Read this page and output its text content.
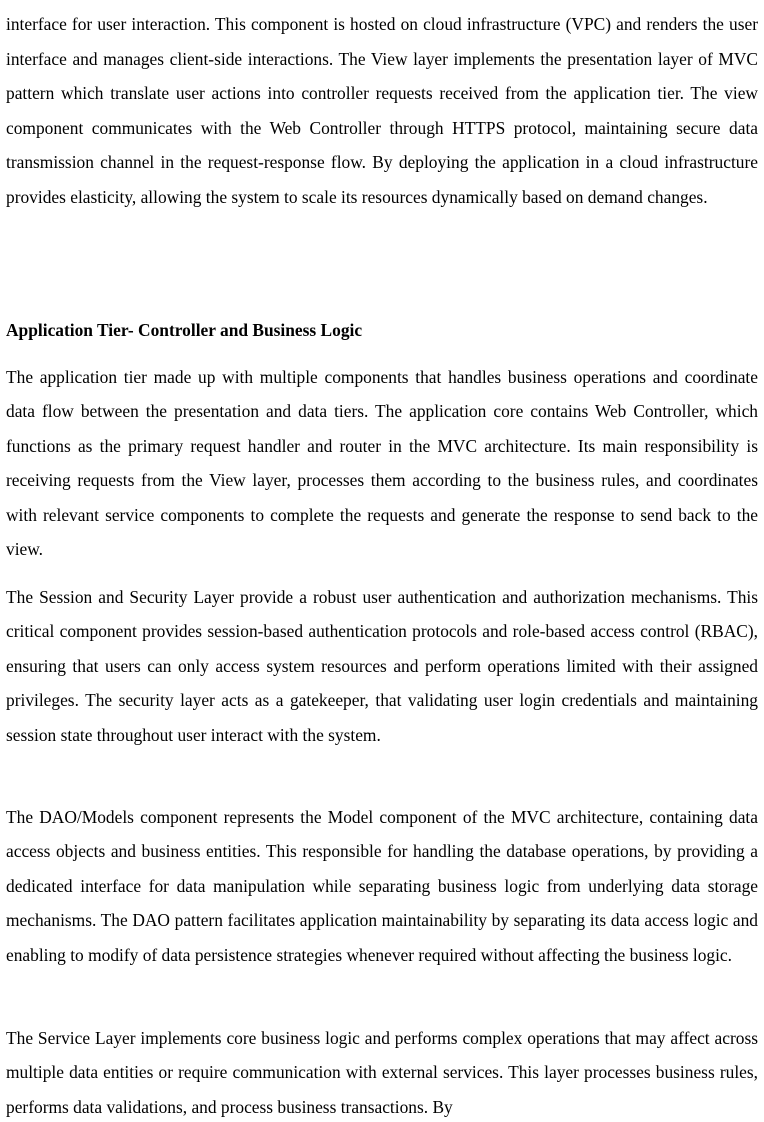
interface for user interaction. This component is hosted on cloud infrastructure (VPC) and renders the user interface and manages client-side interactions. The View layer implements the presentation layer of MVC pattern which translate user actions into controller requests received from the application tier. The view component communicates with the Web Controller through HTTPS protocol, maintaining secure data transmission channel in the request-response flow. By deploying the application in a cloud infrastructure provides elasticity, allowing the system to scale its resources dynamically based on demand changes.

Application Tier- Controller and Business Logic

The application tier made up with multiple components that handles business operations and coordinate data flow between the presentation and data tiers. The application core contains Web Controller, which functions as the primary request handler and router in the MVC architecture. Its main responsibility is receiving requests from the View layer, processes them according to the business rules, and coordinates with relevant service components to complete the requests and generate the response to send back to the view.

The Session and Security Layer provide a robust user authentication and authorization mechanisms. This critical component provides session-based authentication protocols and role-based access control (RBAC), ensuring that users can only access system resources and perform operations limited with their assigned privileges. The security layer acts as a gatekeeper, that validating user login credentials and maintaining session state throughout user interact with the system.

The DAO/Models component represents the Model component of the MVC architecture, containing data access objects and business entities. This responsible for handling the database operations, by providing a dedicated interface for data manipulation while separating business logic from underlying data storage mechanisms. The DAO pattern facilitates application maintainability by separating its data access logic and enabling to modify of data persistence strategies whenever required without affecting the business logic.

The Service Layer implements core business logic and performs complex operations that may affect across multiple data entities or require communication with external services. This layer processes business rules, performs data validations, and process business transactions. By
